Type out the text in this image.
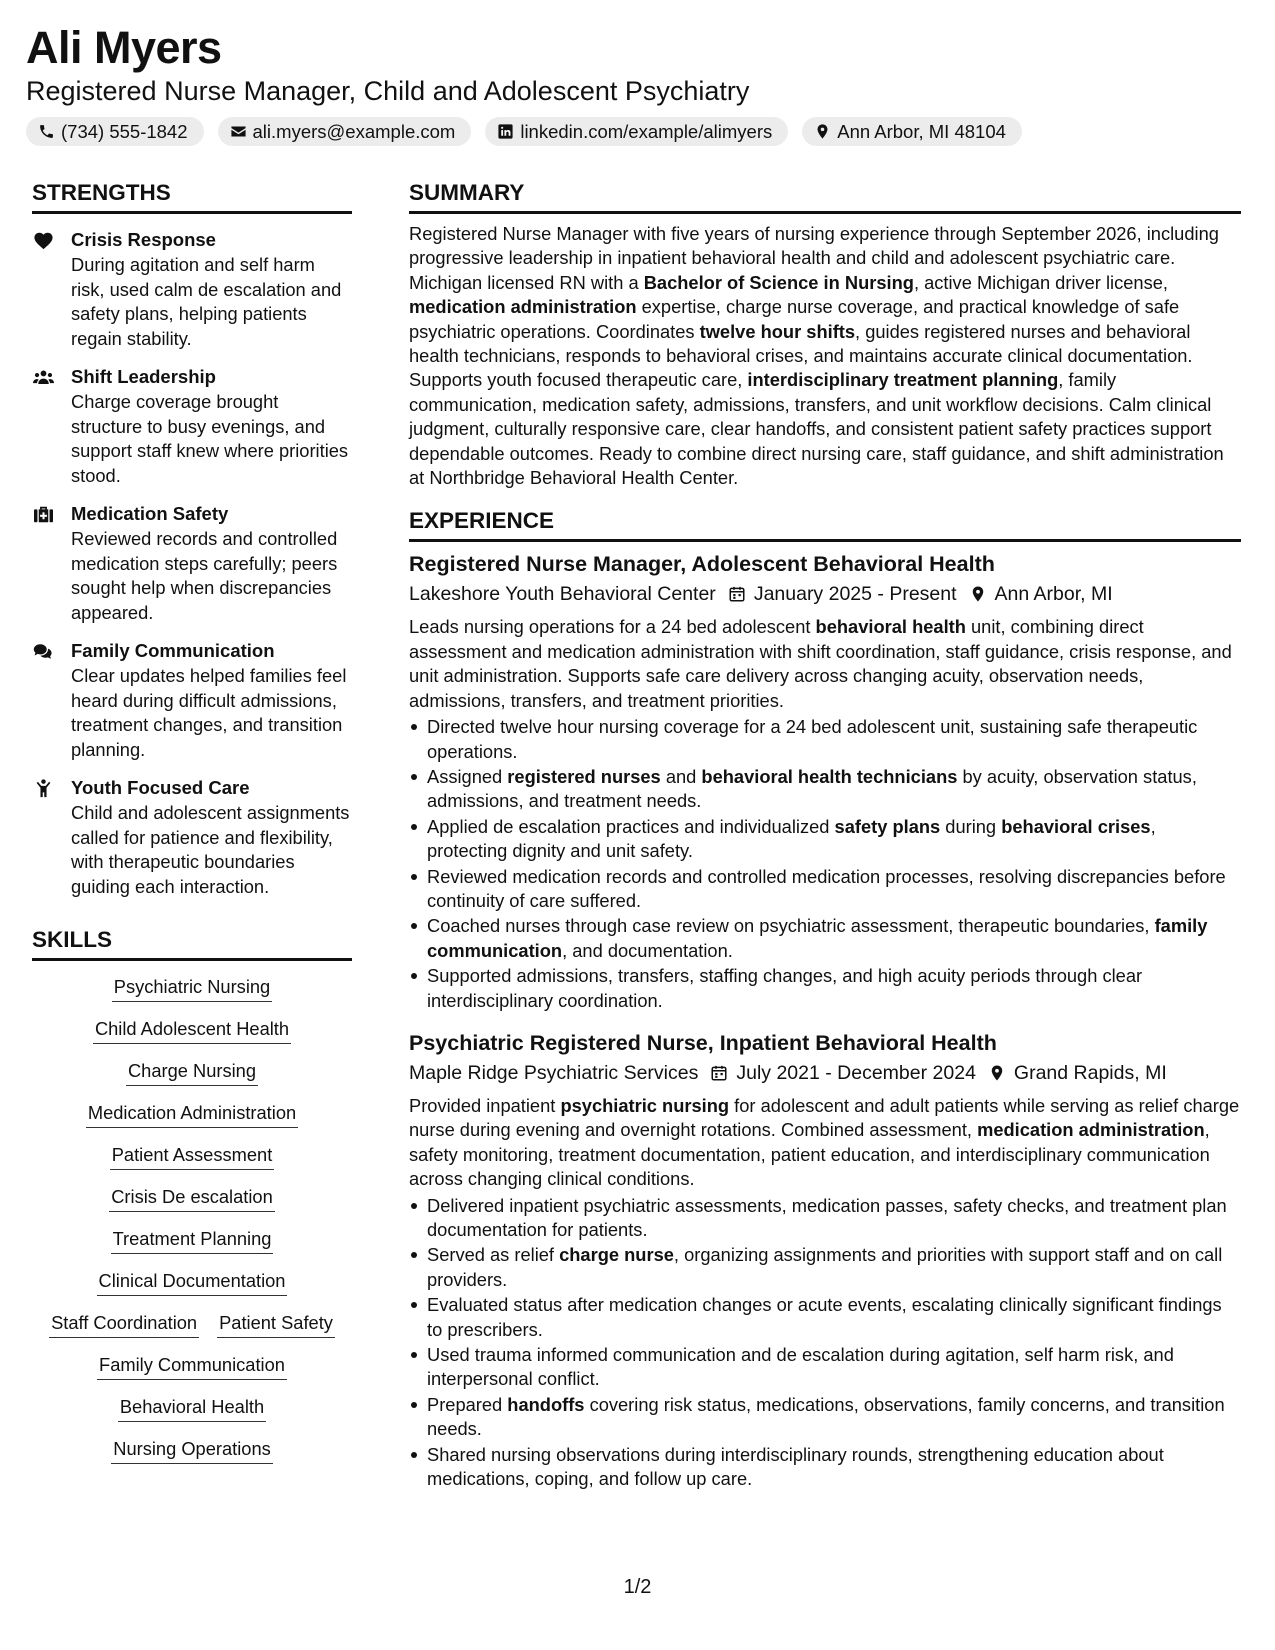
Ali Myers
Registered Nurse Manager, Child and Adolescent Psychiatry
(734) 555-1842	ali.myers@example.com	linkedin.com/example/alimyers	Ann Arbor, MI 48104
STRENGTHS
Crisis Response
During agitation and self harm risk, used calm de escalation and safety plans, helping patients regain stability.
Shift Leadership
Charge coverage brought structure to busy evenings, and support staff knew where priorities stood.
Medication Safety
Reviewed records and controlled medication steps carefully; peers sought help when discrepancies appeared.
Family Communication
Clear updates helped families feel heard during difficult admissions, treatment changes, and transition planning.
Youth Focused Care
Child and adolescent assignments called for patience and flexibility, with therapeutic boundaries guiding each interaction.
SKILLS
Psychiatric Nursing
Child Adolescent Health
Charge Nursing
Medication Administration
Patient Assessment
Crisis De escalation
Treatment Planning
Clinical Documentation
Staff Coordination Patient Safety
Family Communication
Behavioral Health
Nursing Operations
SUMMARY
Registered Nurse Manager with five years of nursing experience through September 2026, including progressive leadership in inpatient behavioral health and child and adolescent psychiatric care. Michigan licensed RN with a Bachelor of Science in Nursing, active Michigan driver license, medication administration expertise, charge nurse coverage, and practical knowledge of safe psychiatric operations. Coordinates twelve hour shifts, guides registered nurses and behavioral health technicians, responds to behavioral crises, and maintains accurate clinical documentation. Supports youth focused therapeutic care, interdisciplinary treatment planning, family communication, medication safety, admissions, transfers, and unit workflow decisions. Calm clinical judgment, culturally responsive care, clear handoffs, and consistent patient safety practices support dependable outcomes. Ready to combine direct nursing care, staff guidance, and shift administration at Northbridge Behavioral Health Center.
EXPERIENCE
Registered Nurse Manager, Adolescent Behavioral Health
Lakeshore Youth Behavioral Center January 2025 - Present Ann Arbor, MI
Leads nursing operations for a 24 bed adolescent behavioral health unit, combining direct assessment and medication administration with shift coordination, staff guidance, crisis response, and unit administration. Supports safe care delivery across changing acuity, observation needs, admissions, transfers, and treatment priorities.
Directed twelve hour nursing coverage for a 24 bed adolescent unit, sustaining safe therapeutic operations.
Assigned registered nurses and behavioral health technicians by acuity, observation status, admissions, and treatment needs.
Applied de escalation practices and individualized safety plans during behavioral crises, protecting dignity and unit safety.
Reviewed medication records and controlled medication processes, resolving discrepancies before continuity of care suffered.
Coached nurses through case review on psychiatric assessment, therapeutic boundaries, family communication, and documentation.
Supported admissions, transfers, staffing changes, and high acuity periods through clear interdisciplinary coordination.
Psychiatric Registered Nurse, Inpatient Behavioral Health
Maple Ridge Psychiatric Services July 2021 - December 2024 Grand Rapids, MI
Provided inpatient psychiatric nursing for adolescent and adult patients while serving as relief charge nurse during evening and overnight rotations. Combined assessment, medication administration, safety monitoring, treatment documentation, patient education, and interdisciplinary communication across changing clinical conditions.
Delivered inpatient psychiatric assessments, medication passes, safety checks, and treatment plan documentation for patients.
Served as relief charge nurse, organizing assignments and priorities with support staff and on call providers.
Evaluated status after medication changes or acute events, escalating clinically significant findings to prescribers.
Used trauma informed communication and de escalation during agitation, self harm risk, and interpersonal conflict.
Prepared handoffs covering risk status, medications, observations, family concerns, and transition needs.
Shared nursing observations during interdisciplinary rounds, strengthening education about medications, coping, and follow up care.
1/2
